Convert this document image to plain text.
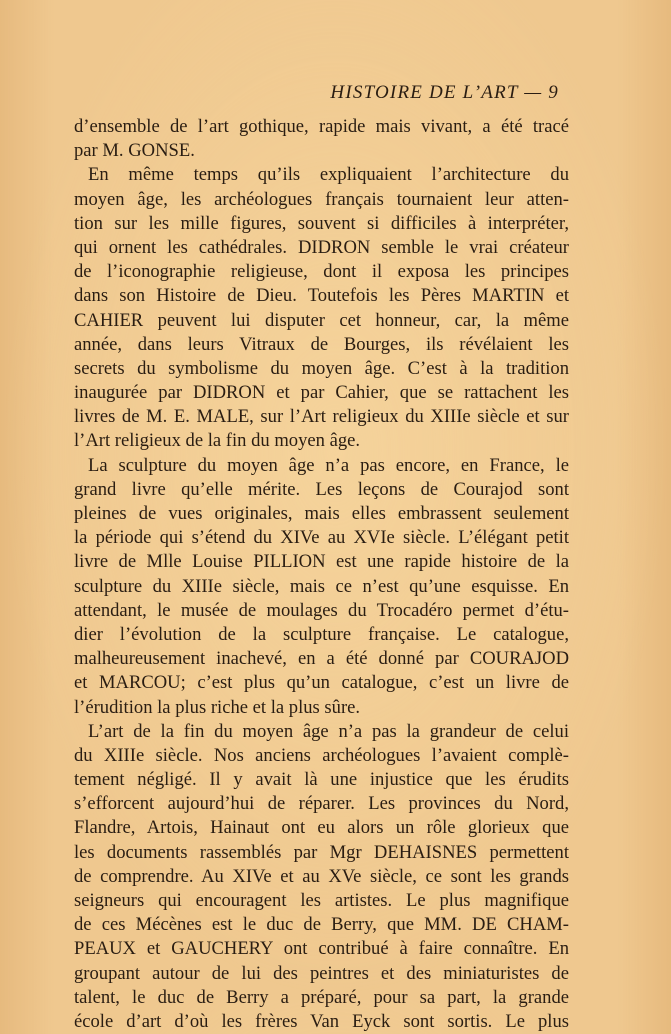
HISTOIRE DE L’ART — 9
d’ensemble de l’art gothique, rapide mais vivant, a été tracé
par M. GONSE.
En même temps qu’ils expliquaient l’architecture du
moyen âge, les archéologues français tournaient leur atten-
tion sur les mille figures, souvent si difficiles à interpréter,
qui ornent les cathédrales. DIDRON semble le vrai créateur
de l’iconographie religieuse, dont il exposa les principes
dans son Histoire de Dieu. Toutefois les Pères MARTIN et
CAHIER peuvent lui disputer cet honneur, car, la même
année, dans leurs Vitraux de Bourges, ils révélaient les
secrets du symbolisme du moyen âge. C’est à la tradition
inaugurée par DIDRON et par Cahier, que se rattachent les
livres de M. E. MALE, sur l’Art religieux du XIIIe siècle et sur
l’Art religieux de la fin du moyen âge.
La sculpture du moyen âge n’a pas encore, en France, le
grand livre qu’elle mérite. Les leçons de Courajod sont
pleines de vues originales, mais elles embrassent seulement
la période qui s’étend du XIVe au XVIe siècle. L’élégant petit
livre de Mlle Louise PILLION est une rapide histoire de la
sculpture du XIIIe siècle, mais ce n’est qu’une esquisse. En
attendant, le musée de moulages du Trocadéro permet d’étu-
dier l’évolution de la sculpture française. Le catalogue,
malheureusement inachevé, en a été donné par COURAJOD
et MARCOU; c’est plus qu’un catalogue, c’est un livre de
l’érudition la plus riche et la plus sûre.
L’art de la fin du moyen âge n’a pas la grandeur de celui
du XIIIe siècle. Nos anciens archéologues l’avaient complè-
tement négligé. Il y avait là une injustice que les érudits
s’efforcent aujourd’hui de réparer. Les provinces du Nord,
Flandre, Artois, Hainaut ont eu alors un rôle glorieux que
les documents rassemblés par Mgr DEHAISNES permettent
de comprendre. Au XIVe et au XVe siècle, ce sont les grands
seigneurs qui encouragent les artistes. Le plus magnifique
de ces Mécènes est le duc de Berry, que MM. DE CHAM-
PEAUX et GAUCHERY ont contribué à faire connaître. En
groupant autour de lui des peintres et des miniaturistes de
talent, le duc de Berry a préparé, pour sa part, la grande
école d’art d’où les frères Van Eyck sont sortis. Le plus
